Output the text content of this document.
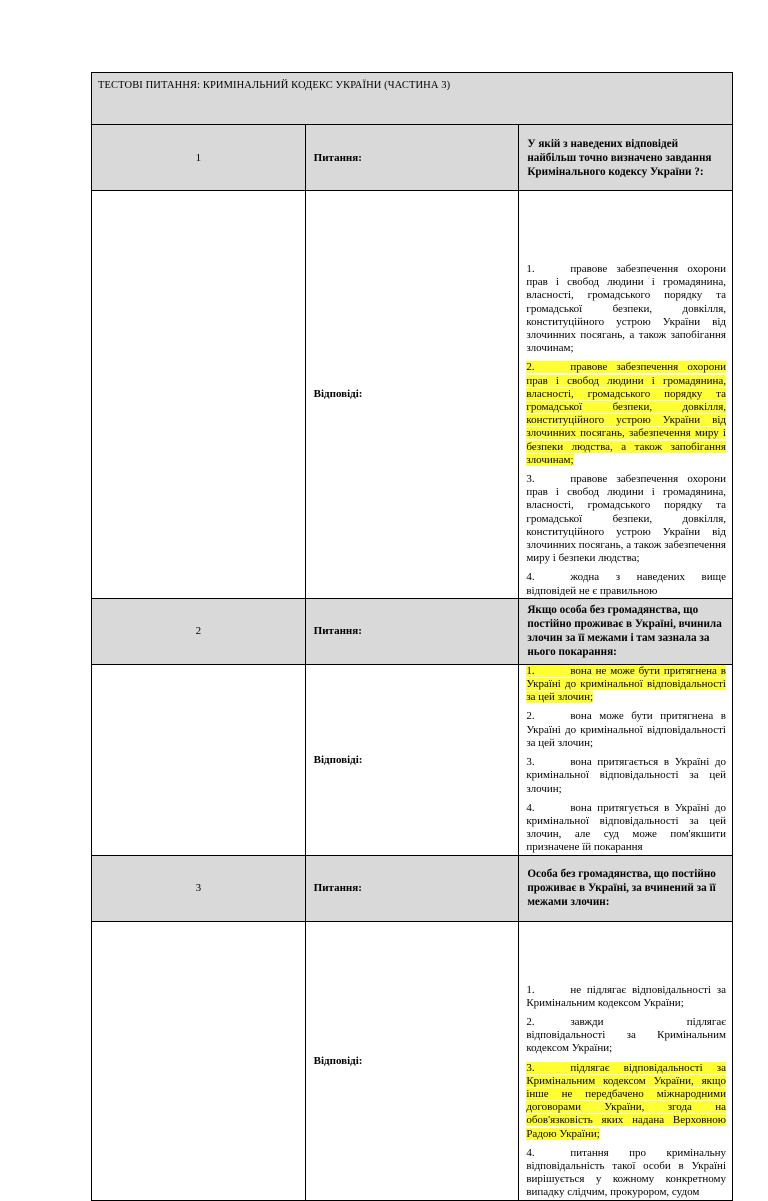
ТЕСТОВІ ПИТАННЯ: КРИМІНАЛЬНИЙ КОДЕКС УКРАЇНИ (ЧАСТИНА 3)		

1	Питання:	У якій з наведених відповідей найбільш точно визначено завдання Кримінального кодексу України ?:
	Відповіді:	1. правове забезпечення охорони прав і свобод людини і громадянина, власності, громадського порядку та громадської безпеки, довкілля, конституційного устрою України від злочинних посягань, а також запобігання злочинам;
2. правове забезпечення охорони прав і свобод людини і громадянина, власності, громадського порядку та громадської безпеки, довкілля, конституційного устрою України від злочинних посягань, забезпечення миру і безпеки людства, а також запобігання злочинам;
3. правове забезпечення охорони прав і свобод людини і громадянина, власності, громадського порядку та громадської безпеки, довкілля, конституційного устрою України від злочинних посягань, а також забезпечення миру і безпеки людства;
4. жодна з наведених вище відповідей не є правильною

2	Питання:	Якщо особа без громадянства, що постійно проживає в Україні, вчинила злочин за її межами і там зазнала за нього покарання:
	Відповіді:	1. вона не може бути притягнена в Україні до кримінальної відповідальності за цей злочин;
2. вона може бути притягнена в Україні до кримінальної відповідальності за цей злочин;
3. вона притягається в Україні до кримінальної відповідальності за цей злочин;
4. вона притягується в Україні до кримінальної відповідальності за цей злочин, але суд може пом'якшити призначене їй покарання

3	Питання:	Особа без громадянства, що постійно проживає в Україні, за вчинений за її межами злочин:
	Відповіді:	1. не підлягає відповідальності за Кримінальним кодексом України;
2. завжди підлягає відповідальності за Кримінальним кодексом України;
3. підлягає відповідальності за Кримінальним кодексом України, якщо інше не передбачено міжнародними договорами України, згода на обов'язковість яких надана Верховною Радою України;
4. питання про кримінальну відповідальність такої особи в Україні вирішується у кожному конкретному випадку слідчим, прокурором, судом
